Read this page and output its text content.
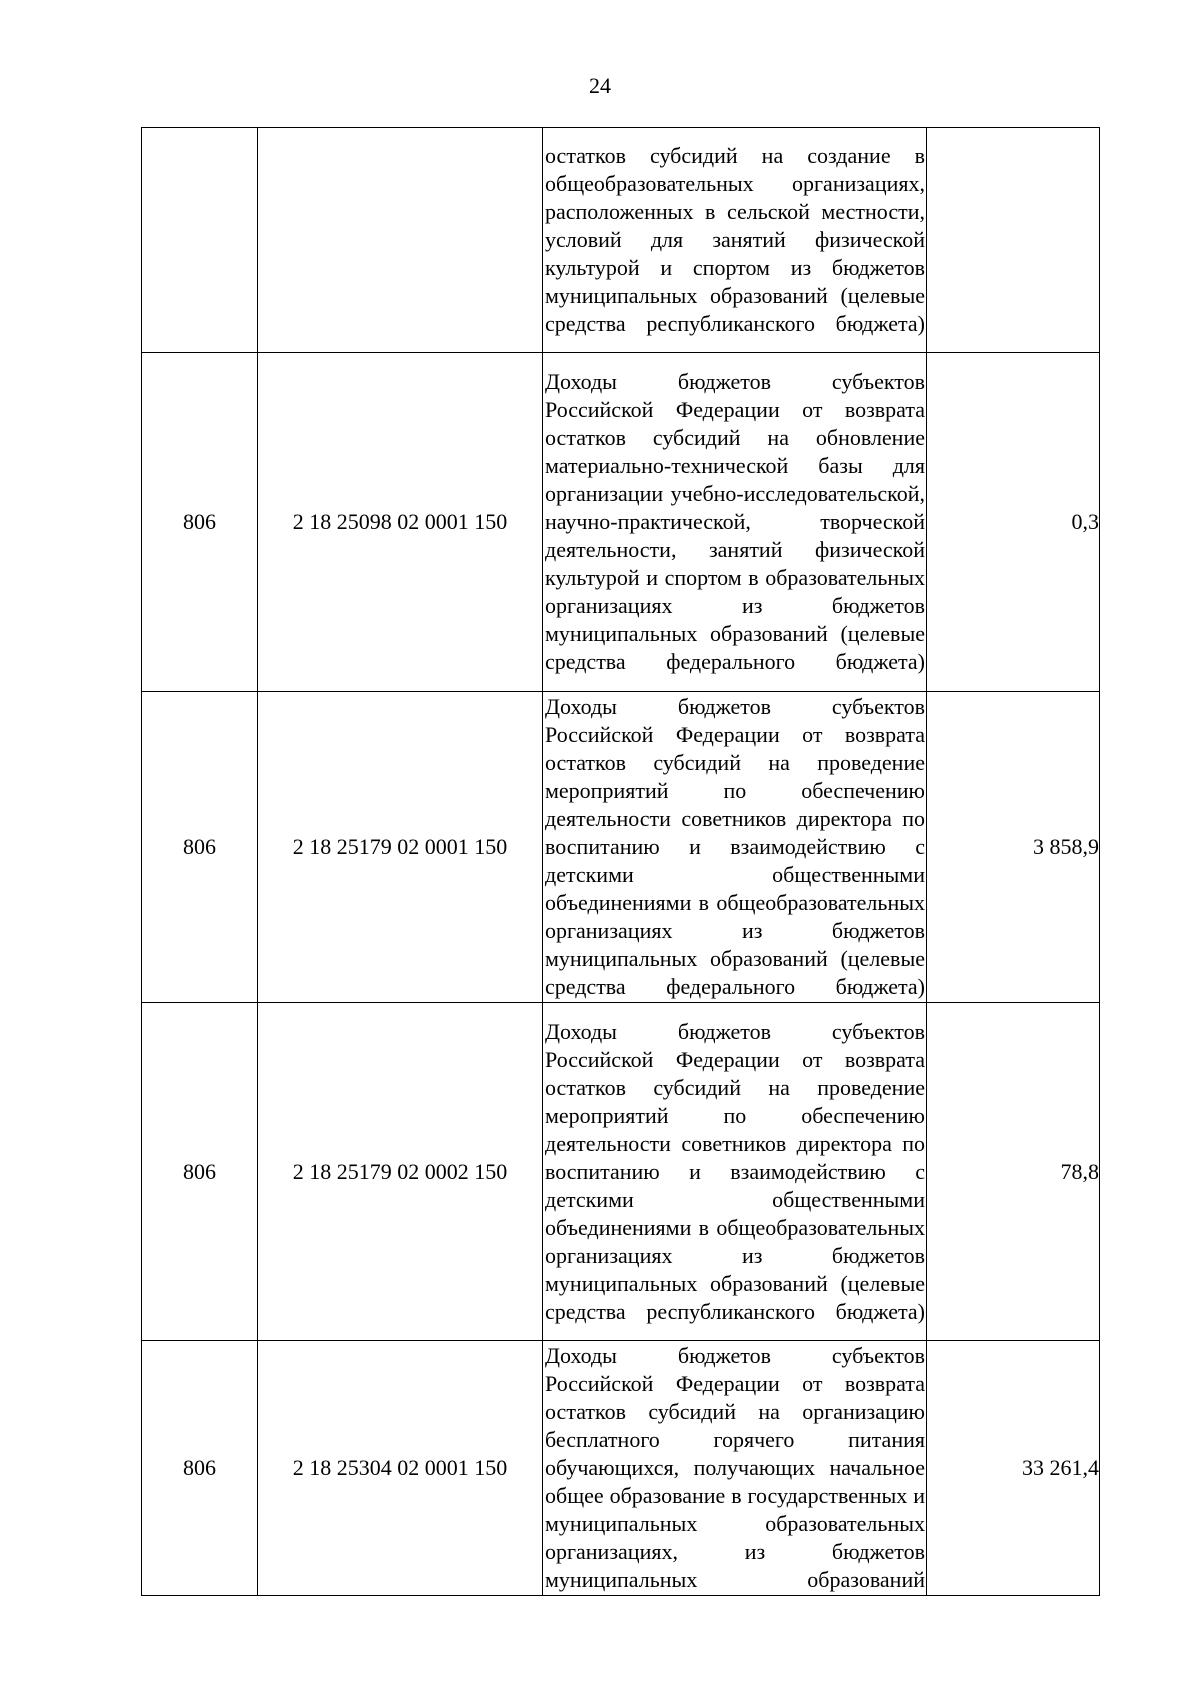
24

		остатков субсидий на создание в общеобразовательных организациях, расположенных в сельской местности, условий для занятий физической культурой и спортом из бюджетов муниципальных образований (целевые средства республиканского бюджета)	

806	2 18 25098 02 0001 150	Доходы бюджетов субъектов Российской Федерации от возврата остатков субсидий на обновление материально-технической базы для организации учебно-исследовательской, научно-практической, творческой деятельности, занятий физической культурой и спортом в образовательных организациях из бюджетов муниципальных образований (целевые средства федерального бюджета)	0,3
806	2 18 25179 02 0001 150	Доходы бюджетов субъектов Российской Федерации от возврата остатков субсидий на проведение мероприятий по обеспечению деятельности советников директора по воспитанию и взаимодействию с детскими общественными объединениями в общеобразовательных организациях из бюджетов муниципальных образований (целевые средства федерального бюджета)	3 858,9
806	2 18 25179 02 0002 150	Доходы бюджетов субъектов Российской Федерации от возврата остатков субсидий на проведение мероприятий по обеспечению деятельности советников директора по воспитанию и взаимодействию с детскими общественными объединениями в общеобразовательных организациях из бюджетов муниципальных образований (целевые средства республиканского бюджета)	78,8
806	2 18 25304 02 0001 150	Доходы бюджетов субъектов Российской Федерации от возврата остатков субсидий на организацию бесплатного горячего питания обучающихся, получающих начальное общее образование в государственных и муниципальных образовательных организациях, из бюджетов муниципальных образований	33 261,4
